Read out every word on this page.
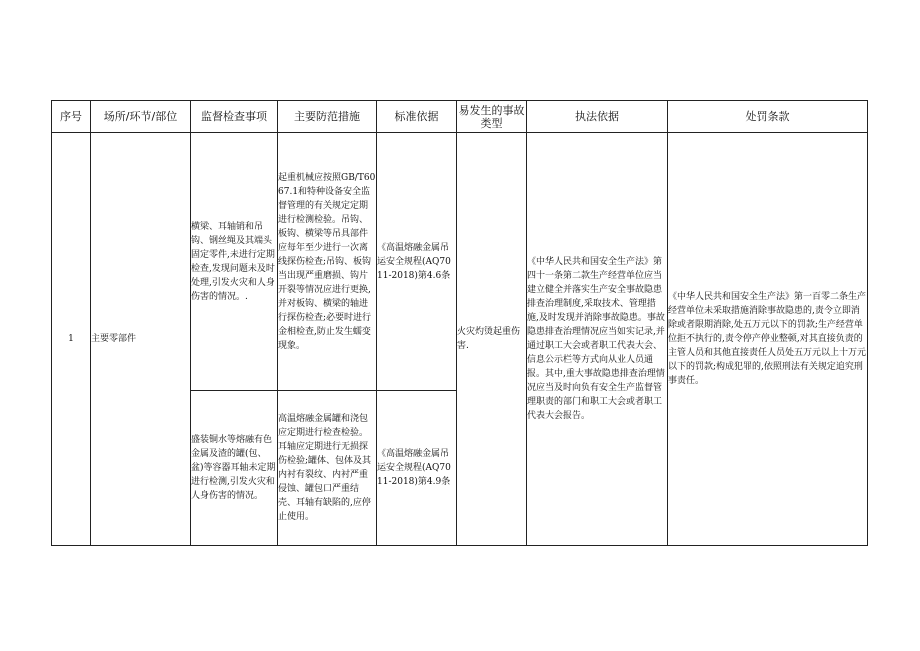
序号	场所/环节/部位	监督检查事项	主要防范措施	标准依据	易发生的事故类型	执法依据	处罚条款
1	主要零部件	横梁、耳轴销和吊钩、钢丝绳及其端头固定零件,未进行定期检查,发现问题未及时处理,引发火灾和人身伤害的情况。.	起重机械应按照GB/T6067.1和特种设备安全监督管理的有关规定定期进行检测检验。吊钩、板钩、横梁等吊具部件应每年至少进行一次离线探伤检查;吊钩、板钩当出现严重磨损、钩片开裂等情况应进行更换,并对板钩、横梁的轴进行探伤检查;必要时进行金相检查,防止发生蠕变现象。	《高温熔融金属吊运安全规程(AQ7011-2018)第4.6条	火灾灼烫起重伤害.	《中华人民共和国安全生产法》第四十一条第二款生产经营单位应当建立健全并落实生产安全事故隐患排查治理制度,采取技术、管理措施,及时发现并消除事故隐患。事故隐患排查治理情况应当如实记录,并通过职工大会或者职工代表大会、信息公示栏等方式向从业人员通报。其中,重大事故隐患排查治理情况应当及时向负有安全生产监督管理职责的部门和职工大会或者职工代表大会报告。	《中华人民共和国安全生产法》第一百零二条生产经营单位未采取措施消除事故隐患的,责令立即消除或者限期消除,处五万元以下的罚款;生产经营单位拒不执行的,责令停产停业整顿,对其直接负责的主管人员和其他直接责任人员处五万元以上十万元以下的罚款;构成犯罪的,依照刑法有关规定追究刑事责任。
		盛装铜水等熔融有色金属及渣的罐(包、盆)等容器耳轴未定期进行检测,引发火灾和人身伤害的情况。	高温熔融金属罐和浇包应定期进行检查检验。耳轴应定期进行无损探伤检验;罐体、包体及其内衬有裂纹、内衬严重侵蚀、罐包口严重结壳、耳轴有缺陷的,应停止使用。	《高温熔融金属吊运安全规程(AQ7011-2018)第4.9条			
